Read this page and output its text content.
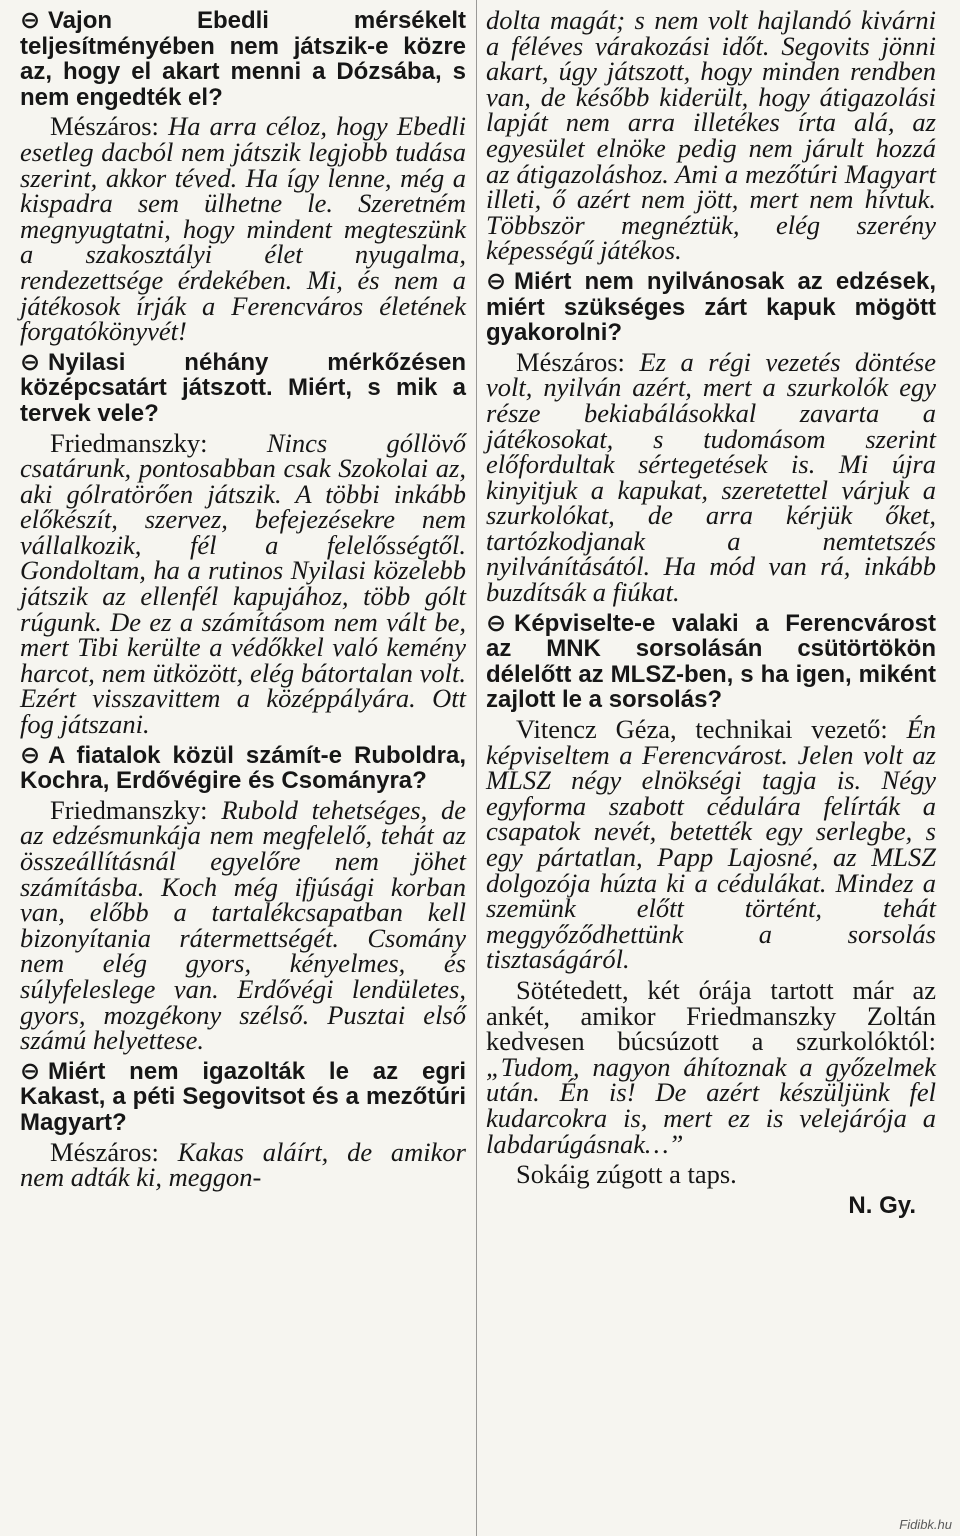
⊖ Vajon Ebedli mérsékelt teljesítményében nem játszik-e közre az, hogy el akart menni a Dózsába, s nem engedték el?
Mészáros: Ha arra céloz, hogy Ebedli esetleg dacból nem játszik legjobb tudása szerint, akkor téved. Ha így lenne, még a kispadra sem ülhetne le. Szeretném megnyugtatni, hogy mindent megteszünk a szakosztályi élet nyugalma, rendezettsége érdekében. Mi, és nem a játékosok írják a Ferencváros életének forgatókönyvét!
⊖ Nyilasi néhány mérkőzésen középcsatárt játszott. Miért, s mik a tervek vele?
Friedmanszky: Nincs góllövő csatárunk, pontosabban csak Szokolai az, aki gólratörően játszik. A többi inkább előkészít, szervez, befejezésekre nem vállalkozik, fél a felelősségtől. Gondoltam, ha a rutinos Nyilasi közelebb játszik az ellenfél kapujához, több gólt rúgunk. De ez a számításom nem vált be, mert Tibi kerülte a védőkkel való kemény harcot, nem ütközött, elég bátortalan volt. Ezért visszavittem a középpályára. Ott fog játszani.
⊖ A fiatalok közül számít-e Ruboldra, Kochra, Erdővégire és Csományra?
Friedmanszky: Rubold tehetséges, de az edzésmunkája nem megfelelő, tehát az összeállításnál egyelőre nem jöhet számításba. Koch még ifjúsági korban van, előbb a tartalékcsapatban kell bizonyítania rátermettségét. Csomány nem elég gyors, kényelmes, és súlyfeleslege van. Erdővégi lendületes, gyors, mozgékony szélső. Pusztai első számú helyettese.
⊖ Miért nem igazolták le az egri Kakast, a péti Segovitsot és a mezőtúri Magyart?
Mészáros: Kakas aláírt, de amikor nem adták ki, meggon-
dolta magát; s nem volt hajlandó kivárni a féléves várakozási időt. Segovits jönni akart, úgy játszott, hogy minden rendben van, de később kiderült, hogy átigazolási lapját nem arra illetékes írta alá, az egyesület elnöke pedig nem járult hozzá az átigazoláshoz. Ami a mezőtúri Magyart illeti, ő azért nem jött, mert nem hívtuk. Többször megnéztük, elég szerény képességű játékos.
⊖ Miért nem nyilvánosak az edzések, miért szükséges zárt kapuk mögött gyakorolni?
Mészáros: Ez a régi vezetés döntése volt, nyilván azért, mert a szurkolók egy része bekiabálásokkal zavarta a játékosokat, s tudomásom szerint előfordultak sértegetések is. Mi újra kinyitjuk a kapukat, szeretettel várjuk a szurkolókat, de arra kérjük őket, tartózkodjanak a nemtetszés nyilvánításától. Ha mód van rá, inkább buzdítsák a fiúkat.
⊖ Képviselte-e valaki a Ferencvárost az MNK sorsolásán csütörtökön délelőtt az MLSZ-ben, s ha igen, miként zajlott le a sorsolás?
Vitencz Géza, technikai vezető: Én képviseltem a Ferencvárost. Jelen volt az MLSZ négy elnökségi tagja is. Négy egyforma szabott cédulára felírták a csapatok nevét, betették egy serlegbe, s egy pártatlan, Papp Lajosné, az MLSZ dolgozója húzta ki a cédulákat. Mindez a szemünk előtt történt, tehát meggyőződhettünk a sorsolás tisztaságáról.
Sötétedett, két órája tartott már az ankét, amikor Friedmanszky Zoltán kedvesen búcsúzott a szurkolóktól: „Tudom, nagyon áhítoznak a győzelmek után. Én is! De azért készüljünk fel kudarcokra is, mert ez is velejárója a labdarúgásnak…”
Sokáig zúgott a taps.
N. Gy.
Fidibk.hu
